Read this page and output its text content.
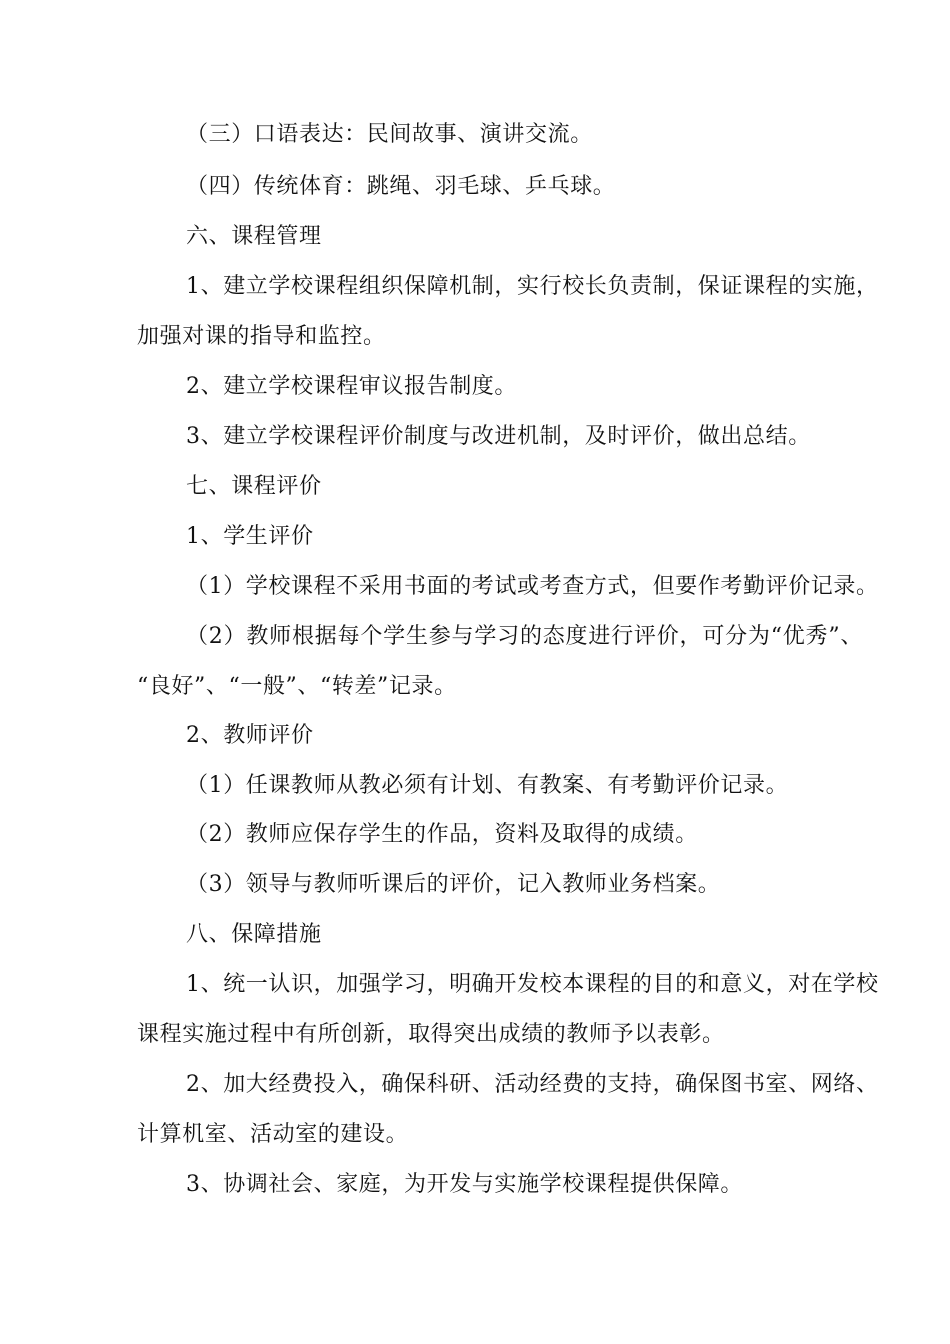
（三）口语表达：民间故事、演讲交流。
（四）传统体育：跳绳、羽毛球、乒乓球。
六、课程管理
1、建立学校课程组织保障机制，实行校长负责制，保证课程的实施，
加强对课的指导和监控。
2、建立学校课程审议报告制度。
3、建立学校课程评价制度与改进机制，及时评价，做出总结。
七、课程评价
1、学生评价
（1）学校课程不采用书面的考试或考查方式，但要作考勤评价记录。
（2）教师根据每个学生参与学习的态度进行评价，可分为“优秀”、
“良好”、“一般”、“转差”记录。
2、教师评价
（1）任课教师从教必须有计划、有教案、有考勤评价记录。
（2）教师应保存学生的作品，资料及取得的成绩。
（3）领导与教师听课后的评价，记入教师业务档案。
八、保障措施
1、统一认识，加强学习，明确开发校本课程的目的和意义，对在学校
课程实施过程中有所创新，取得突出成绩的教师予以表彰。
2、加大经费投入，确保科研、活动经费的支持，确保图书室、网络、
计算机室、活动室的建设。
3、协调社会、家庭，为开发与实施学校课程提供保障。
